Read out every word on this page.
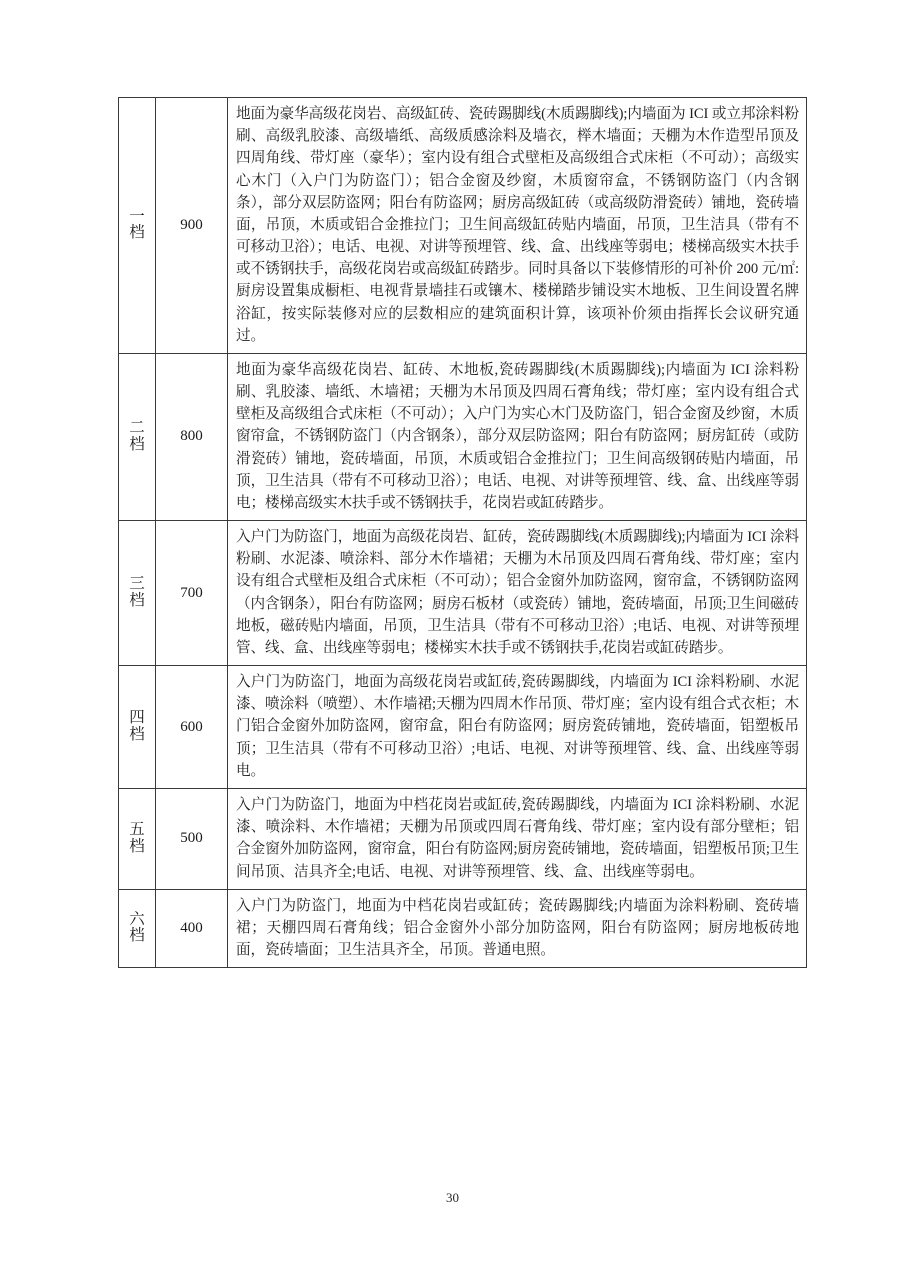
一档	900	地面为豪华高级花岗岩、高级缸砖、瓷砖踢脚线(木质踢脚线);内墙面为 ICI 或立邦涂料粉刷、高级乳胶漆、高级墙纸、高级质感涂料及墙衣，榉木墙面；天棚为木作造型吊顶及四周角线、带灯座（豪华）；室内设有组合式壁柜及高级组合式床柜（不可动）；高级实心木门（入户门为防盗门）；铝合金窗及纱窗，木质窗帘盒，不锈钢防盗门（内含钢条），部分双层防盗网；阳台有防盗网；厨房高级缸砖（或高级防滑瓷砖）铺地，瓷砖墙面，吊顶，木质或铝合金推拉门；卫生间高级缸砖贴内墙面，吊顶，卫生洁具（带有不可移动卫浴）；电话、电视、对讲等预埋管、线、盒、出线座等弱电；楼梯高级实木扶手或不锈钢扶手，高级花岗岩或高级缸砖踏步。同时具备以下装修情形的可补价 200 元/㎡:厨房设置集成橱柜、电视背景墙挂石或镶木、楼梯踏步铺设实木地板、卫生间设置名牌浴缸，按实际装修对应的层数相应的建筑面积计算，该项补价须由指挥长会议研究通过。
二档	800	地面为豪华高级花岗岩、缸砖、木地板,瓷砖踢脚线(木质踢脚线);内墙面为 ICI 涂料粉刷、乳胶漆、墙纸、木墙裙；天棚为木吊顶及四周石膏角线；带灯座；室内设有组合式壁柜及高级组合式床柜（不可动）；入户门为实心木门及防盗门，铝合金窗及纱窗，木质窗帘盒，不锈钢防盗门（内含钢条），部分双层防盗网；阳台有防盗网；厨房缸砖（或防滑瓷砖）铺地，瓷砖墙面，吊顶，木质或铝合金推拉门；卫生间高级钢砖贴内墙面，吊顶，卫生洁具（带有不可移动卫浴）；电话、电视、对讲等预埋管、线、盒、出线座等弱电；楼梯高级实木扶手或不锈钢扶手，花岗岩或缸砖踏步。
三档	700	入户门为防盗门，地面为高级花岗岩、缸砖，瓷砖踢脚线(木质踢脚线);内墙面为 ICI 涂料粉刷、水泥漆、喷涂料、部分木作墙裙；天棚为木吊顶及四周石膏角线、带灯座；室内设有组合式壁柜及组合式床柜（不可动）；铝合金窗外加防盗网，窗帘盒，不锈钢防盗网（内含钢条），阳台有防盗网；厨房石板材（或瓷砖）铺地，瓷砖墙面，吊顶;卫生间磁砖地板，磁砖贴内墙面，吊顶，卫生洁具（带有不可移动卫浴）;电话、电视、对讲等预埋管、线、盒、出线座等弱电；楼梯实木扶手或不锈钢扶手,花岗岩或缸砖踏步。
四档	600	入户门为防盗门，地面为高级花岗岩或缸砖,瓷砖踢脚线，内墙面为 ICI 涂料粉刷、水泥漆、喷涂料（喷塑）、木作墙裙;天棚为四周木作吊顶、带灯座；室内设有组合式衣柜；木门铝合金窗外加防盗网，窗帘盒，阳台有防盗网；厨房瓷砖铺地，瓷砖墙面，铝塑板吊顶；卫生洁具（带有不可移动卫浴）;电话、电视、对讲等预埋管、线、盒、出线座等弱电。
五档	500	入户门为防盗门，地面为中档花岗岩或缸砖,瓷砖踢脚线，内墙面为 ICI 涂料粉刷、水泥漆、喷涂料、木作墙裙；天棚为吊顶或四周石膏角线、带灯座；室内设有部分壁柜；铝合金窗外加防盗网，窗帘盒，阳台有防盗网;厨房瓷砖铺地，瓷砖墙面，铝塑板吊顶;卫生间吊顶、洁具齐全;电话、电视、对讲等预埋管、线、盒、出线座等弱电。
六档	400	入户门为防盗门，地面为中档花岗岩或缸砖；瓷砖踢脚线;内墙面为涂料粉刷、瓷砖墙裙；天棚四周石膏角线；铝合金窗外小部分加防盗网，阳台有防盗网；厨房地板砖地面，瓷砖墙面；卫生洁具齐全，吊顶。普通电照。
30
